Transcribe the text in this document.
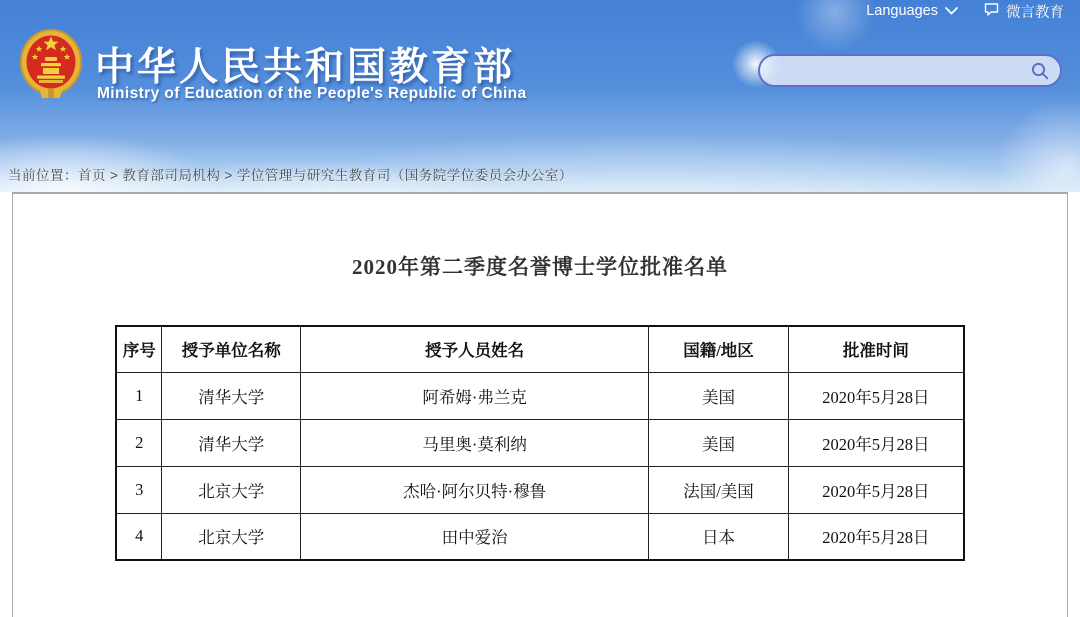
中华人民共和国教育部
Ministry of Education of the People's Republic of China
Languages	微言教育
当前位置：首页 > 教育部司局机构 > 学位管理与研究生教育司（国务院学位委员会办公室）
2020年第二季度名誉博士学位批准名单
序号	授予单位名称	授予人员姓名	国籍/地区	批准时间
1	清华大学	阿希姆·弗兰克	美国	2020年5月28日
2	清华大学	马里奥·莫利纳	美国	2020年5月28日
3	北京大学	杰哈·阿尔贝特·穆鲁	法国/美国	2020年5月28日
4	北京大学	田中爱治	日本	2020年5月28日
